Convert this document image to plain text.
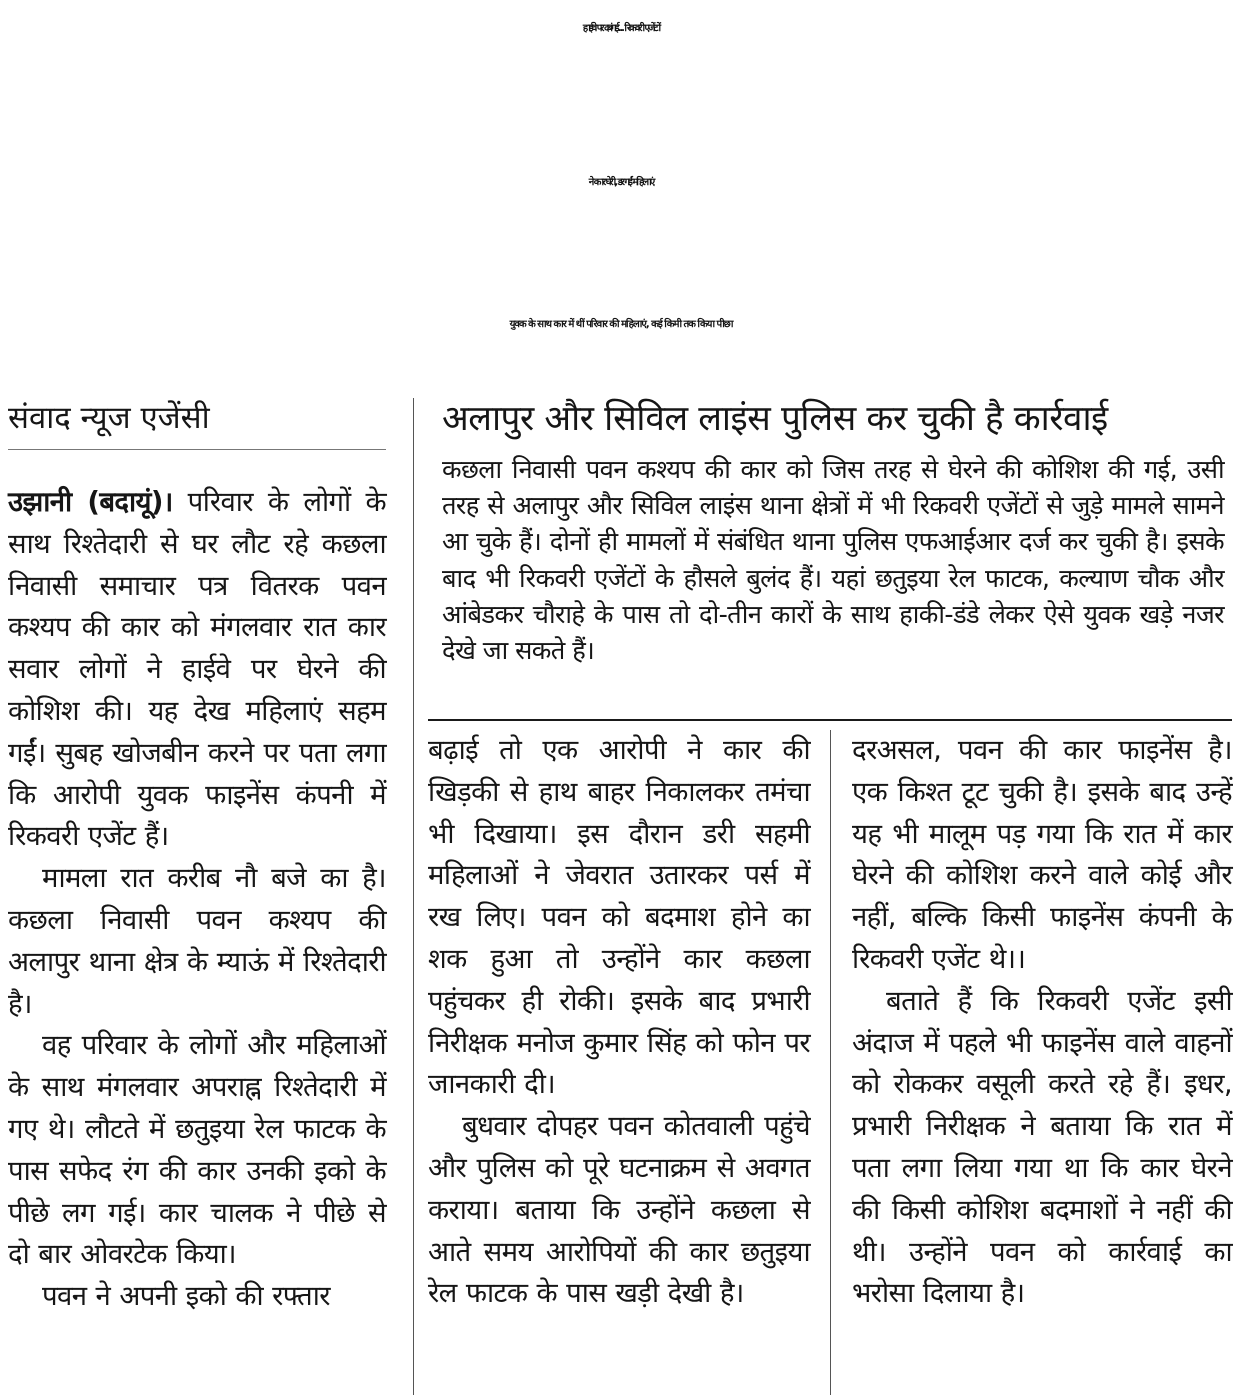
हाईवे पर दबंगई... रिकवरी एजेंटों
ने कार घेरी, डर गईं महिलाएं
युवक के साथ कार में थीं परिवार की महिलाएं, कई किमी तक किया पीछा
संवाद न्यूज एजेंसी	अलापुर और सिविल लाइंस पुलिस कर चुकी है कार्रवाई

कछला निवासी पवन कश्यप की कार को जिस तरह से घेरने की कोशिश की गई, उसी तरह से अलापुर और सिविल लाइंस थाना क्षेत्रों में भी रिकवरी एजेंटों से जुड़े मामले सामने आ चुके हैं। दोनों ही मामलों में संबंधित थाना पुलिस एफआईआर दर्ज कर चुकी है। इसके बाद भी रिकवरी एजेंटों के हौसले बुलंद हैं। यहां छतुइया रेल फाटक, कल्याण चौक और आंबेडकर चौराहे के पास तो दो-तीन कारों के साथ हाकी-डंडे लेकर ऐसे युवक खड़े नजर देखे जा सकते हैं।

उझानी (बदायूं)। परिवार के लोगों के साथ रिश्तेदारी से घर लौट रहे कछला निवासी समाचार पत्र वितरक पवन कश्यप की कार को मंगलवार रात कार सवार लोगों ने हाईवे पर घेरने की कोशिश की। यह देख महिलाएं सहम गईं। सुबह खोजबीन करने पर पता लगा कि आरोपी युवक फाइनेंस कंपनी में रिकवरी एजेंट हैं।

मामला रात करीब नौ बजे का है। कछला निवासी पवन कश्यप की अलापुर थाना क्षेत्र के म्याऊं में रिश्तेदारी है।

वह परिवार के लोगों और महिलाओं के साथ मंगलवार अपराह्न रिश्तेदारी में गए थे। लौटते में छतुइया रेल फाटक के पास सफेद रंग की कार उनकी इको के पीछे लग गई। कार चालक ने पीछे से दो बार ओवरटेक किया।

पवन ने अपनी इको की रफ्तार

बढ़ाई तो एक आरोपी ने कार की खिड़की से हाथ बाहर निकालकर तमंचा भी दिखाया। इस दौरान डरी सहमी महिलाओं ने जेवरात उतारकर पर्स में रख लिए। पवन को बदमाश होने का शक हुआ तो उन्होंने कार कछला पहुंचकर ही रोकी। इसके बाद प्रभारी निरीक्षक मनोज कुमार सिंह को फोन पर जानकारी दी।

बुधवार दोपहर पवन कोतवाली पहुंचे और पुलिस को पूरे घटनाक्रम से अवगत कराया। बताया कि उन्होंने कछला से आते समय आरोपियों की कार छतुइया रेल फाटक के पास खड़ी देखी है।

दरअसल, पवन की कार फाइनेंस है। एक किश्त टूट चुकी है। इसके बाद उन्हें यह भी मालूम पड़ गया कि रात में कार घेरने की कोशिश करने वाले कोई और नहीं, बल्कि किसी फाइनेंस कंपनी के रिकवरी एजेंट थे।।

बताते हैं कि रिकवरी एजेंट इसी अंदाज में पहले भी फाइनेंस वाले वाहनों को रोककर वसूली करते रहे हैं। इधर, प्रभारी निरीक्षक ने बताया कि रात में पता लगा लिया गया था कि कार घेरने की किसी कोशिश बदमाशों ने नहीं की थी। उन्होंने पवन को कार्रवाई का भरोसा दिलाया है।
